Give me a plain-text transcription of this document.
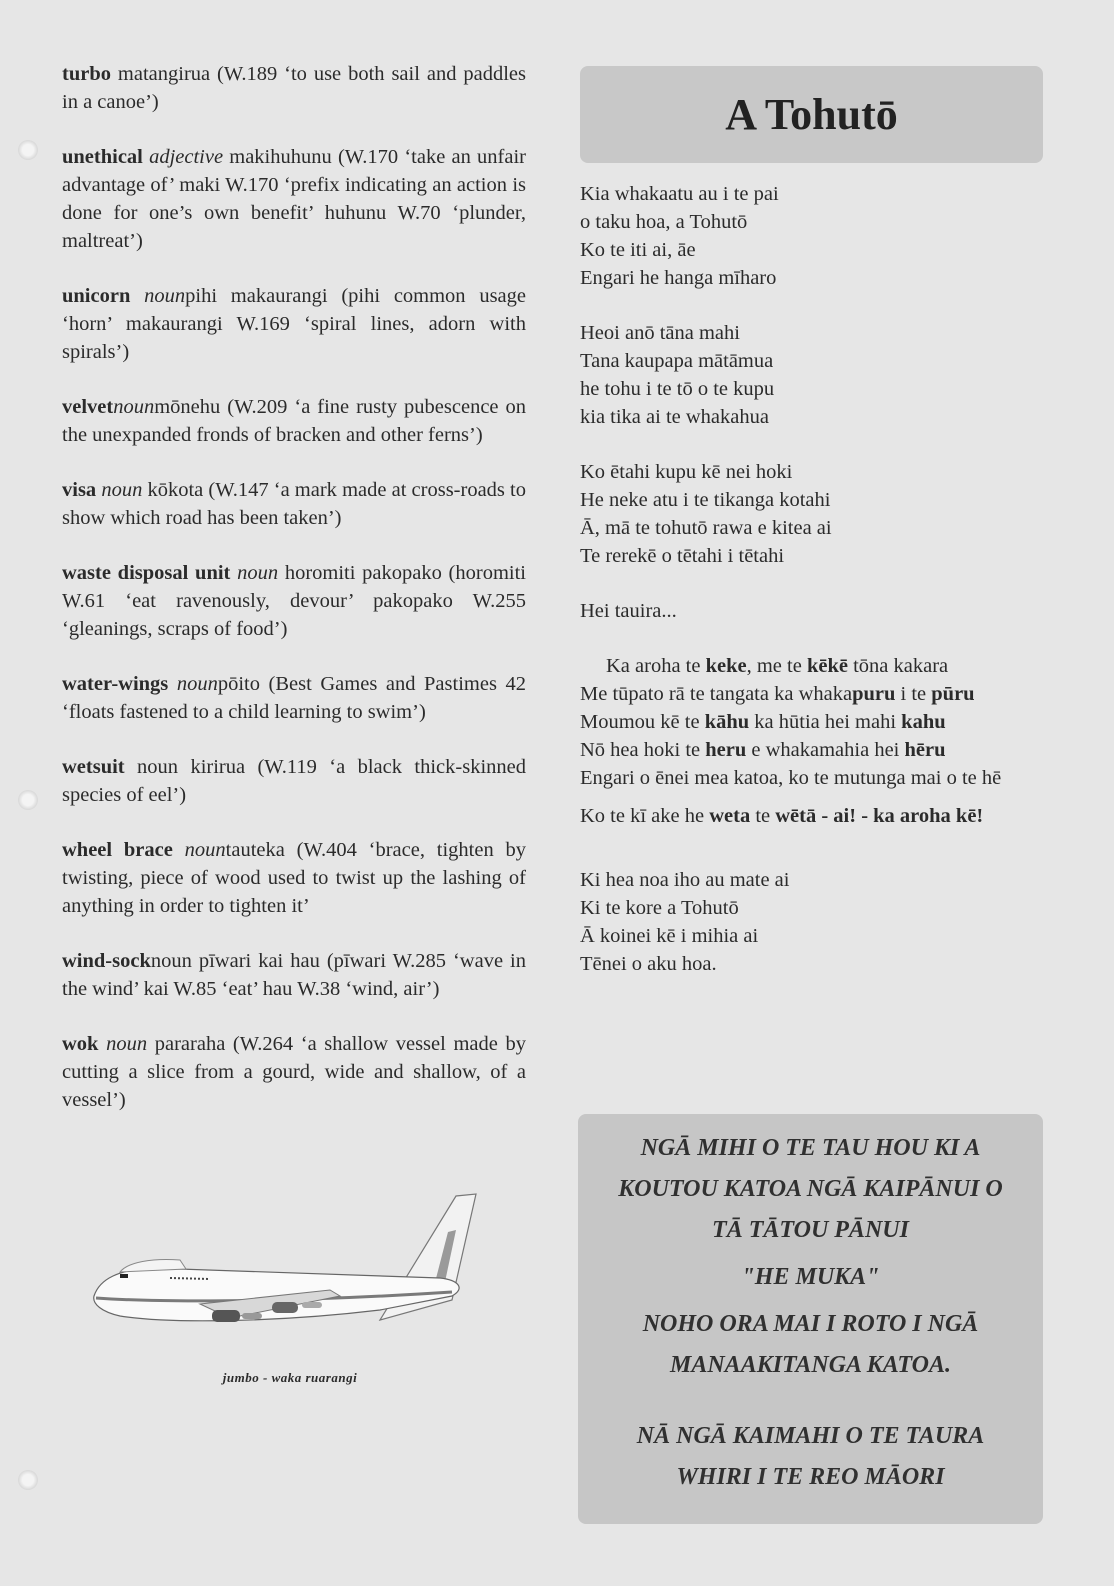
turbo matangirua (W.189 ‘to use both sail and paddles in a canoe’)

unethical adjective makihuhunu (W.170 ‘take an unfair advantage of’ maki W.170 ‘prefix indicating an action is done for one’s own benefit’ huhunu W.70 ‘plunder, maltreat’)

unicorn nounpihi makaurangi (pihi common usage ‘horn’ makaurangi W.169 ‘spiral lines, adorn with spirals’)

velvetnounmōnehu (W.209 ‘a fine rusty pubescence on the unexpanded fronds of bracken and other ferns’)

visa noun kōkota (W.147 ‘a mark made at cross-roads to show which road has been taken’)

waste disposal unit noun horomiti pakopako (horomiti W.61 ‘eat ravenously, devour’ pakopako W.255 ‘gleanings, scraps of food’)

water-wings nounpōito (Best Games and Pastimes 42 ‘floats fastened to a child learning to swim’)

wetsuit noun kirirua (W.119 ‘a black thick-skinned species of eel’)

wheel brace nountauteka (W.404 ‘brace, tighten by twisting, piece of wood used to twist up the lashing of anything in order to tighten it’

wind-socknoun pīwari kai hau (pīwari W.285 ‘wave in the wind’ kai W.85 ‘eat’ hau W.38 ‘wind, air’)

wok noun pararaha (W.264 ‘a shallow vessel made by cutting a slice from a gourd, wide and shallow, of a vessel’)

jumbo - waka ruarangi
A Tohutō
Kia whakaatu au i te pai
o taku hoa, a Tohutō
Ko te iti ai, āe
Engari he hanga mīharo
Heoi anō tāna mahi
Tana kaupapa mātāmua
he tohu i te tō o te kupu
kia tika ai te whakahua
Ko ētahi kupu kē nei hoki
He neke atu i te tikanga kotahi
Ā, mā te tohutō rawa e kitea ai
Te rerekē o tētahi i tētahi
Hei tauira...
Ka aroha te keke, me te kēkē tōna kakara
Me tūpato rā te tangata ka whakapuru i te pūru
Moumou kē te kāhu ka hūtia hei mahi kahu
Nō hea hoki te heru e whakamahia hei hēru
Engari o ēnei mea katoa, ko te mutunga mai o te hē
Ko te kī ake he weta te wētā - ai! - ka aroha kē!
Ki hea noa iho au mate ai
Ki te kore a Tohutō
Ā koinei kē i mihia ai
Tēnei o aku hoa.

NGĀ MIHI O TE TAU HOU KI A

KOUTOU KATOA NGĀ KAIPĀNUI O

TĀ TĀTOU PĀNUI

"HE MUKA"

NOHO ORA MAI I ROTO I NGĀ

MANAAKITANGA KATOA.

NĀ NGĀ KAIMAHI O TE TAURA

WHIRI I TE REO MĀORI
